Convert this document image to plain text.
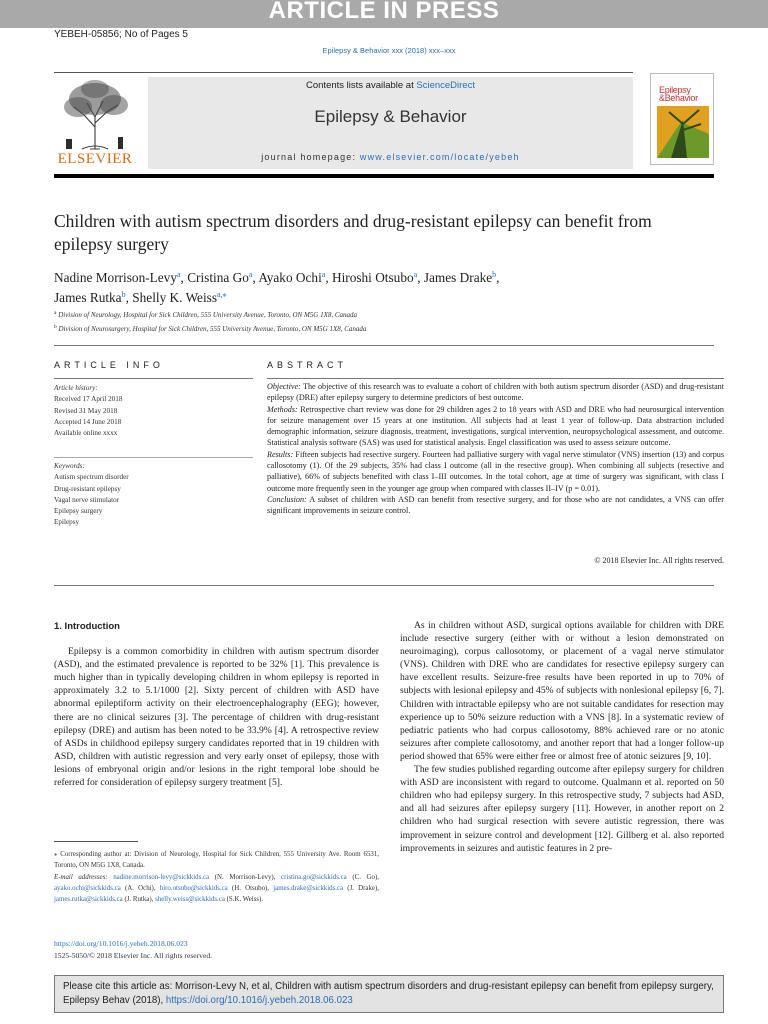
ARTICLE IN PRESS
YEBEH-05856; No of Pages 5
Epilepsy & Behavior xxx (2018) xxx–xxx
ELSEVIER
Contents lists available at ScienceDirect
Epilepsy & Behavior
journal homepage: www.elsevier.com/locate/yebeh
Epilepsy
&Behavior
Children with autism spectrum disorders and drug-resistant epilepsy can benefit from epilepsy surgery
Nadine Morrison-Levy$^a$, Cristina Go$^a$, Ayako Ochi$^a$, Hiroshi Otsubo$^a$, James Drake$^b$,
James Rutka$^b$, Shelly K. Weiss$^{a,⁎}$
$^a$ Division of Neurology, Hospital for Sick Children, 555 University Avenue, Toronto, ON M5G 1X8, Canada
$^b$ Division of Neurosurgery, Hospital for Sick Children, 555 University Avenue, Toronto, ON M5G 1X8, Canada
ARTICLE INFO	ABSTRACT
Article history:
Received 17 April 2018
Revised 31 May 2018
Accepted 14 June 2018
Available online xxxx
Keywords:
Autism spectrum disorder
Drug-resistant epilepsy
Vagal nerve stimulator
Epilepsy surgery
Epilepsy
Objective: The objective of this research was to evaluate a cohort of children with both autism spectrum disorder (ASD) and drug-resistant epilepsy (DRE) after epilepsy surgery to determine predictors of best outcome.
Methods: Retrospective chart review was done for 29 children ages 2 to 18 years with ASD and DRE who had neurosurgical intervention for seizure management over 15 years at one institution. All subjects had at least 1 year of follow-up. Data abstraction included demographic information, seizure diagnosis, treatment, investigations, surgical intervention, neuropsychological assessment, and outcome. Statistical analysis software (SAS) was used for statistical analysis. Engel classification was used to assess seizure outcome.
Results: Fifteen subjects had resective surgery. Fourteen had palliative surgery with vagal nerve stimulator (VNS) insertion (13) and corpus callosotomy (1). Of the 29 subjects, 35% had class I outcome (all in the resective group). When combining all subjects (resective and palliative), 66% of subjects benefited with class I–III outcomes. In the total cohort, age at time of surgery was significant, with class I outcome more frequently seen in the younger age group when compared with classes II–IV (p = 0.01).
Conclusion: A subset of children with ASD can benefit from resective surgery, and for those who are not candidates, a VNS can offer significant improvements in seizure control.
© 2018 Elsevier Inc. All rights reserved.

1. Introduction

Epilepsy is a common comorbidity in children with autism spectrum disorder (ASD), and the estimated prevalence is reported to be 32% [1]. This prevalence is much higher than in typically developing children in whom epilepsy is reported in approximately 3.2 to 5.1/1000 [2]. Sixty percent of children with ASD have abnormal epileptiform activity on their electroencephalography (EEG); however, there are no clinical seizures [3]. The percentage of children with drug-resistant epilepsy (DRE) and autism has been noted to be 33.9% [4]. A retrospective review of ASDs in childhood epilepsy surgery candidates reported that in 19 children with ASD, children with autistic regression and very early onset of epilepsy, those with lesions of embryonal origin and/or lesions in the right temporal lobe should be referred for consideration of epilepsy surgery treatment [5].

As in children without ASD, surgical options available for children with DRE include resective surgery (either with or without a lesion demonstrated on neuroimaging), corpus callosotomy, or placement of a vagal nerve stimulator (VNS). Children with DRE who are candidates for resective epilepsy surgery can have excellent results. Seizure-free results have been reported in up to 70% of subjects with lesional epilepsy and 45% of subjects with nonlesional epilepsy [6, 7]. Children with intractable epilepsy who are not suitable candidates for resection may experience up to 50% seizure reduction with a VNS [8]. In a systematic review of pediatric patients who had corpus callosotomy, 88% achieved rare or no atonic seizures after complete callosotomy, and another report that had a longer follow-up period showed that 65% were either free or almost free of atonic seizures [9, 10].

The few studies published regarding outcome after epilepsy surgery for children with ASD are inconsistent with regard to outcome. Qualmann et al. reported on 50 children who had epilepsy surgery. In this retrospective study, 7 subjects had ASD, and all had seizures after epilepsy surgery [11]. However, in another report on 2 children who had surgical resection with severe autistic regression, there was improvement in seizure control and development [12]. Gillberg et al. also reported improvements in seizures and autistic features in 2 pre-

⁎ Corresponding author at: Division of Neurology, Hospital for Sick Children, 555 University Ave. Room 6531, Toronto, ON M5G 1X8, Canada.
E-mail addresses: nadine.morrison-levy@sickkids.ca (N. Morrison-Levy), cristina.go@sickkids.ca (C. Go), ayako.ochi@sickkids.ca (A. Ochi), hiro.otsubo@sickkids.ca (H. Otsubo), james.drake@sickkids.ca (J. Drake), james.rutka@sickkids.ca (J. Rutka), shelly.weiss@sickkids.ca (S.K. Weiss).
https://doi.org/10.1016/j.yebeh.2018.06.023
1525-5050/© 2018 Elsevier Inc. All rights reserved.
Please cite this article as: Morrison-Levy N, et al, Children with autism spectrum disorders and drug-resistant epilepsy can benefit from epilepsy surgery, Epilepsy Behav (2018), https://doi.org/10.1016/j.yebeh.2018.06.023
